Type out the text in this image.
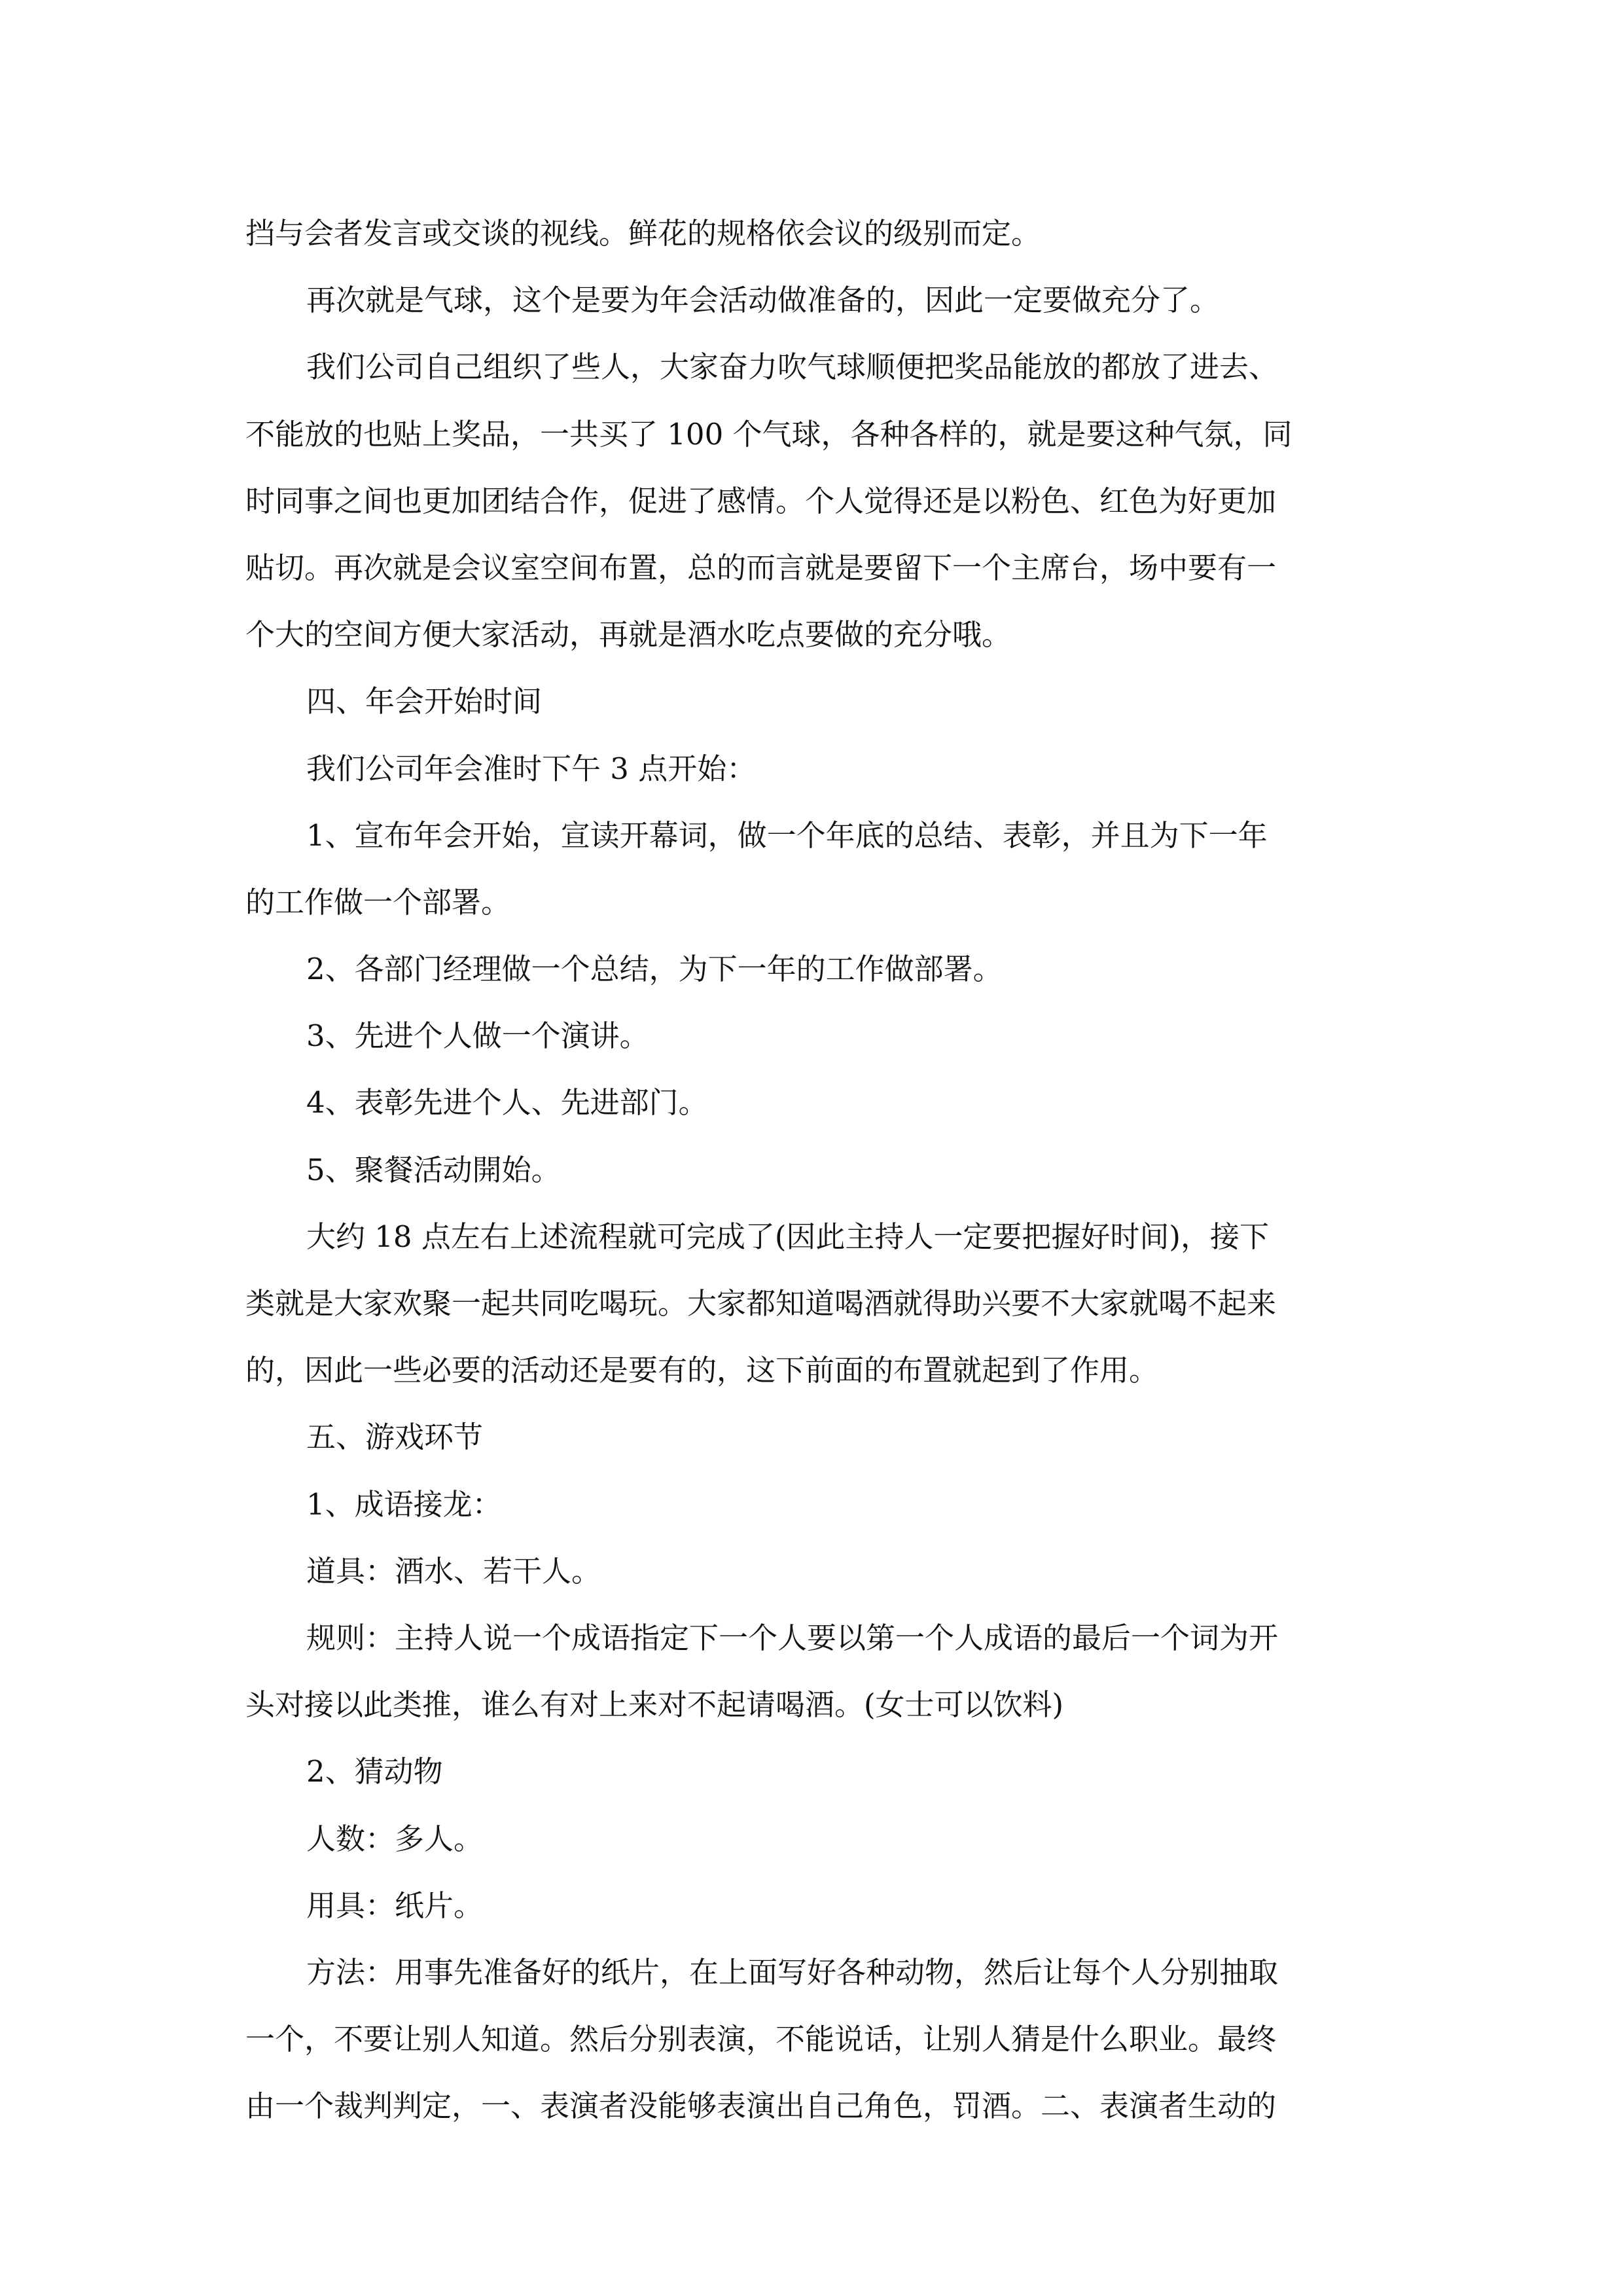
挡与会者发言或交谈的视线。鲜花的规格依会议的级别而定。
再次就是气球，这个是要为年会活动做准备的，因此一定要做充分了。
我们公司自己组织了些人，大家奋力吹气球顺便把奖品能放的都放了进去、
不能放的也贴上奖品，一共买了 100 个气球，各种各样的，就是要这种气氛，同
时同事之间也更加团结合作，促进了感情。个人觉得还是以粉色、红色为好更加
贴切。再次就是会议室空间布置，总的而言就是要留下一个主席台，场中要有一
个大的空间方便大家活动，再就是酒水吃点要做的充分哦。
四、年会开始时间
我们公司年会准时下午 3 点开始：
1、宣布年会开始，宣读开幕词，做一个年底的总结、表彰，并且为下一年
的工作做一个部署。
2、各部门经理做一个总结，为下一年的工作做部署。
3、先进个人做一个演讲。
4、表彰先进个人、先进部门。
5、聚餐活动開始。
大约 18 点左右上述流程就可完成了(因此主持人一定要把握好时间)，接下
类就是大家欢聚一起共同吃喝玩。大家都知道喝酒就得助兴要不大家就喝不起来
的，因此一些必要的活动还是要有的，这下前面的布置就起到了作用。
五、游戏环节
1、成语接龙：
道具：酒水、若干人。
规则：主持人说一个成语指定下一个人要以第一个人成语的最后一个词为开
头对接以此类推，谁么有对上来对不起请喝酒。(女士可以饮料)
2、猜动物
人数：多人。
用具：纸片。
方法：用事先准备好的纸片，在上面写好各种动物，然后让每个人分别抽取
一个，不要让别人知道。然后分别表演，不能说话，让别人猜是什么职业。最终
由一个裁判判定，一、表演者没能够表演出自己角色，罚酒。二、表演者生动的
